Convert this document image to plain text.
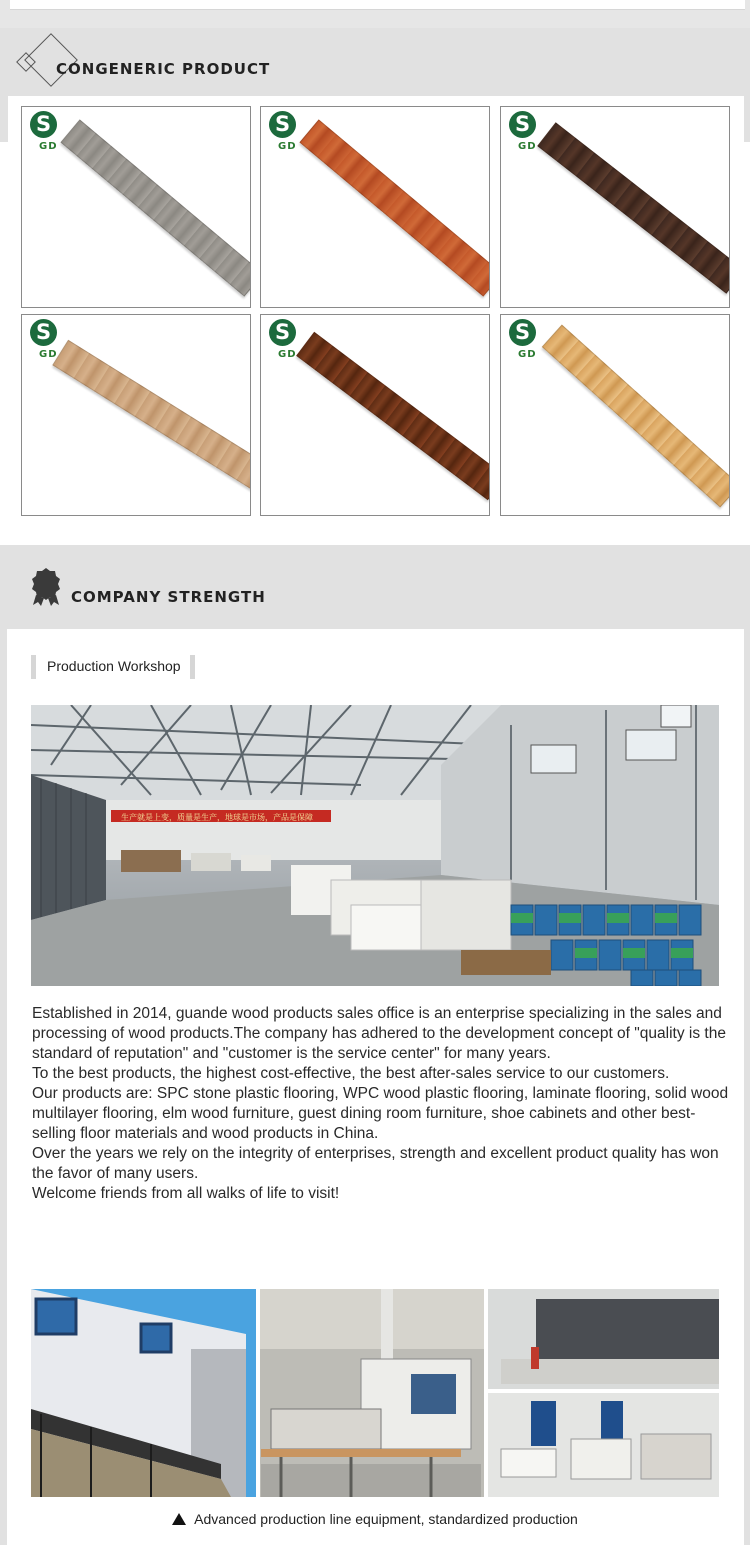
CONGENERIC PRODUCT
S
GD
S
GD
S
GD
S
GD
S
GD
S
GD
COMPANY STRENGTH
Production Workshop
生产就是上变，质量是生产，地球是市场，产品是保障
Established in 2014, guande wood products sales office is an enterprise specializing in the sales and processing of wood products.The company has adhered to the development concept of "quality is the standard of reputation" and "customer is the service center" for many years.
To the best products, the highest cost-effective, the best after-sales service to our customers.
Our products are: SPC stone plastic flooring, WPC wood plastic flooring, laminate flooring, solid wood multilayer flooring, elm wood furniture, guest dining room furniture, shoe cabinets and other best-selling floor materials and wood products in China.
Over the years we rely on the integrity of enterprises, strength and excellent product quality has won the favor of many users.
Welcome friends from all walks of life to visit!
Advanced production line equipment, standardized production
